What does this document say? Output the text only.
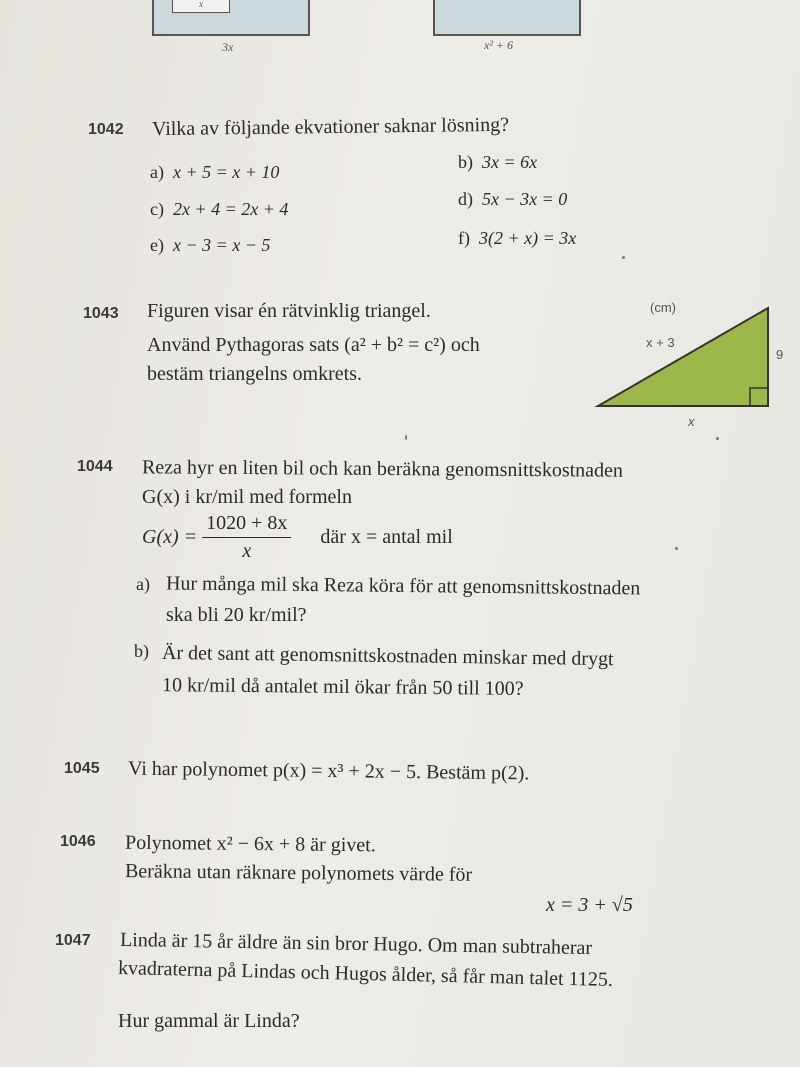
x
3x	x² + 6
1042 Vilka av följande ekvationer saknar lösning?
a) x + 5 = x + 10	b) 3x = 6x
c) 2x + 4 = 2x + 4	d) 5x − 3x = 0
e) x − 3 = x − 5	f) 3(2 + x) = 3x
1043 Figuren visar én rätvinklig triangel.
Använd Pythagoras sats (a² + b² = c²) och
bestäm triangelns omkrets.
(cm)
x + 3
9
x
1044 Reza hyr en liten bil och kan beräkna genomsnittskostnaden
G(x) i kr/mil med formeln
$G(x) = \frac{1020 + 8x}{x}$ där x = antal mil
a) Hur många mil ska Reza köra för att genomsnittskostnaden
ska bli 20 kr/mil?
b) Är det sant att genomsnittskostnaden minskar med drygt
10 kr/mil då antalet mil ökar från 50 till 100?
1045 Vi har polynomet p(x) = x³ + 2x − 5. Bestäm p(2).
1046 Polynomet x² − 6x + 8 är givet.
Beräkna utan räknare polynomets värde för
x = 3 + √5
1047 Linda är 15 år äldre än sin bror Hugo. Om man subtraherar
kvadraterna på Lindas och Hugos ålder, så får man talet 1125.
Hur gammal är Linda?
